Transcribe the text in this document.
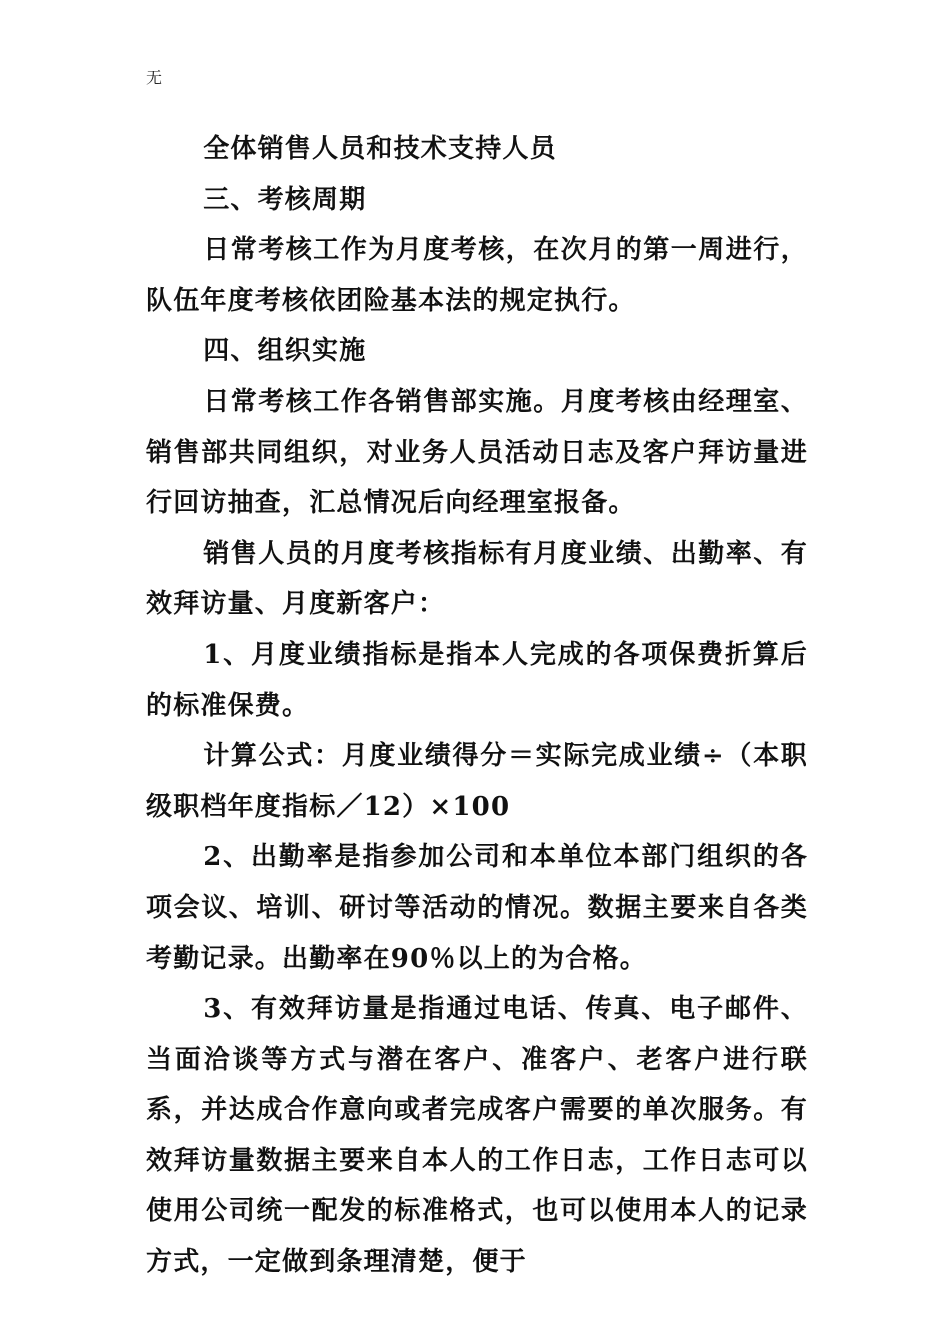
无

全体销售人员和技术支持人员

三、考核周期

日常考核工作为月度考核，在次月的第一周进行，队伍年度考核依团险基本法的规定执行。

四、组织实施

日常考核工作各销售部实施。月度考核由经理室、销售部共同组织，对业务人员活动日志及客户拜访量进行回访抽查，汇总情况后向经理室报备。

销售人员的月度考核指标有月度业绩、出勤率、有效拜访量、月度新客户：

1、月度业绩指标是指本人完成的各项保费折算后的标准保费。

计算公式：月度业绩得分＝实际完成业绩÷（本职级职档年度指标／12）×100

2、出勤率是指参加公司和本单位本部门组织的各项会议、培训、研讨等活动的情况。数据主要来自各类考勤记录。出勤率在90％以上的为合格。

3、有效拜访量是指通过电话、传真、电子邮件、当面洽谈等方式与潜在客户、准客户、老客户进行联系，并达成合作意向或者完成客户需要的单次服务。有效拜访量数据主要来自本人的工作日志，工作日志可以使用公司统一配发的标准格式，也可以使用本人的记录方式，一定做到条理清楚，便于
